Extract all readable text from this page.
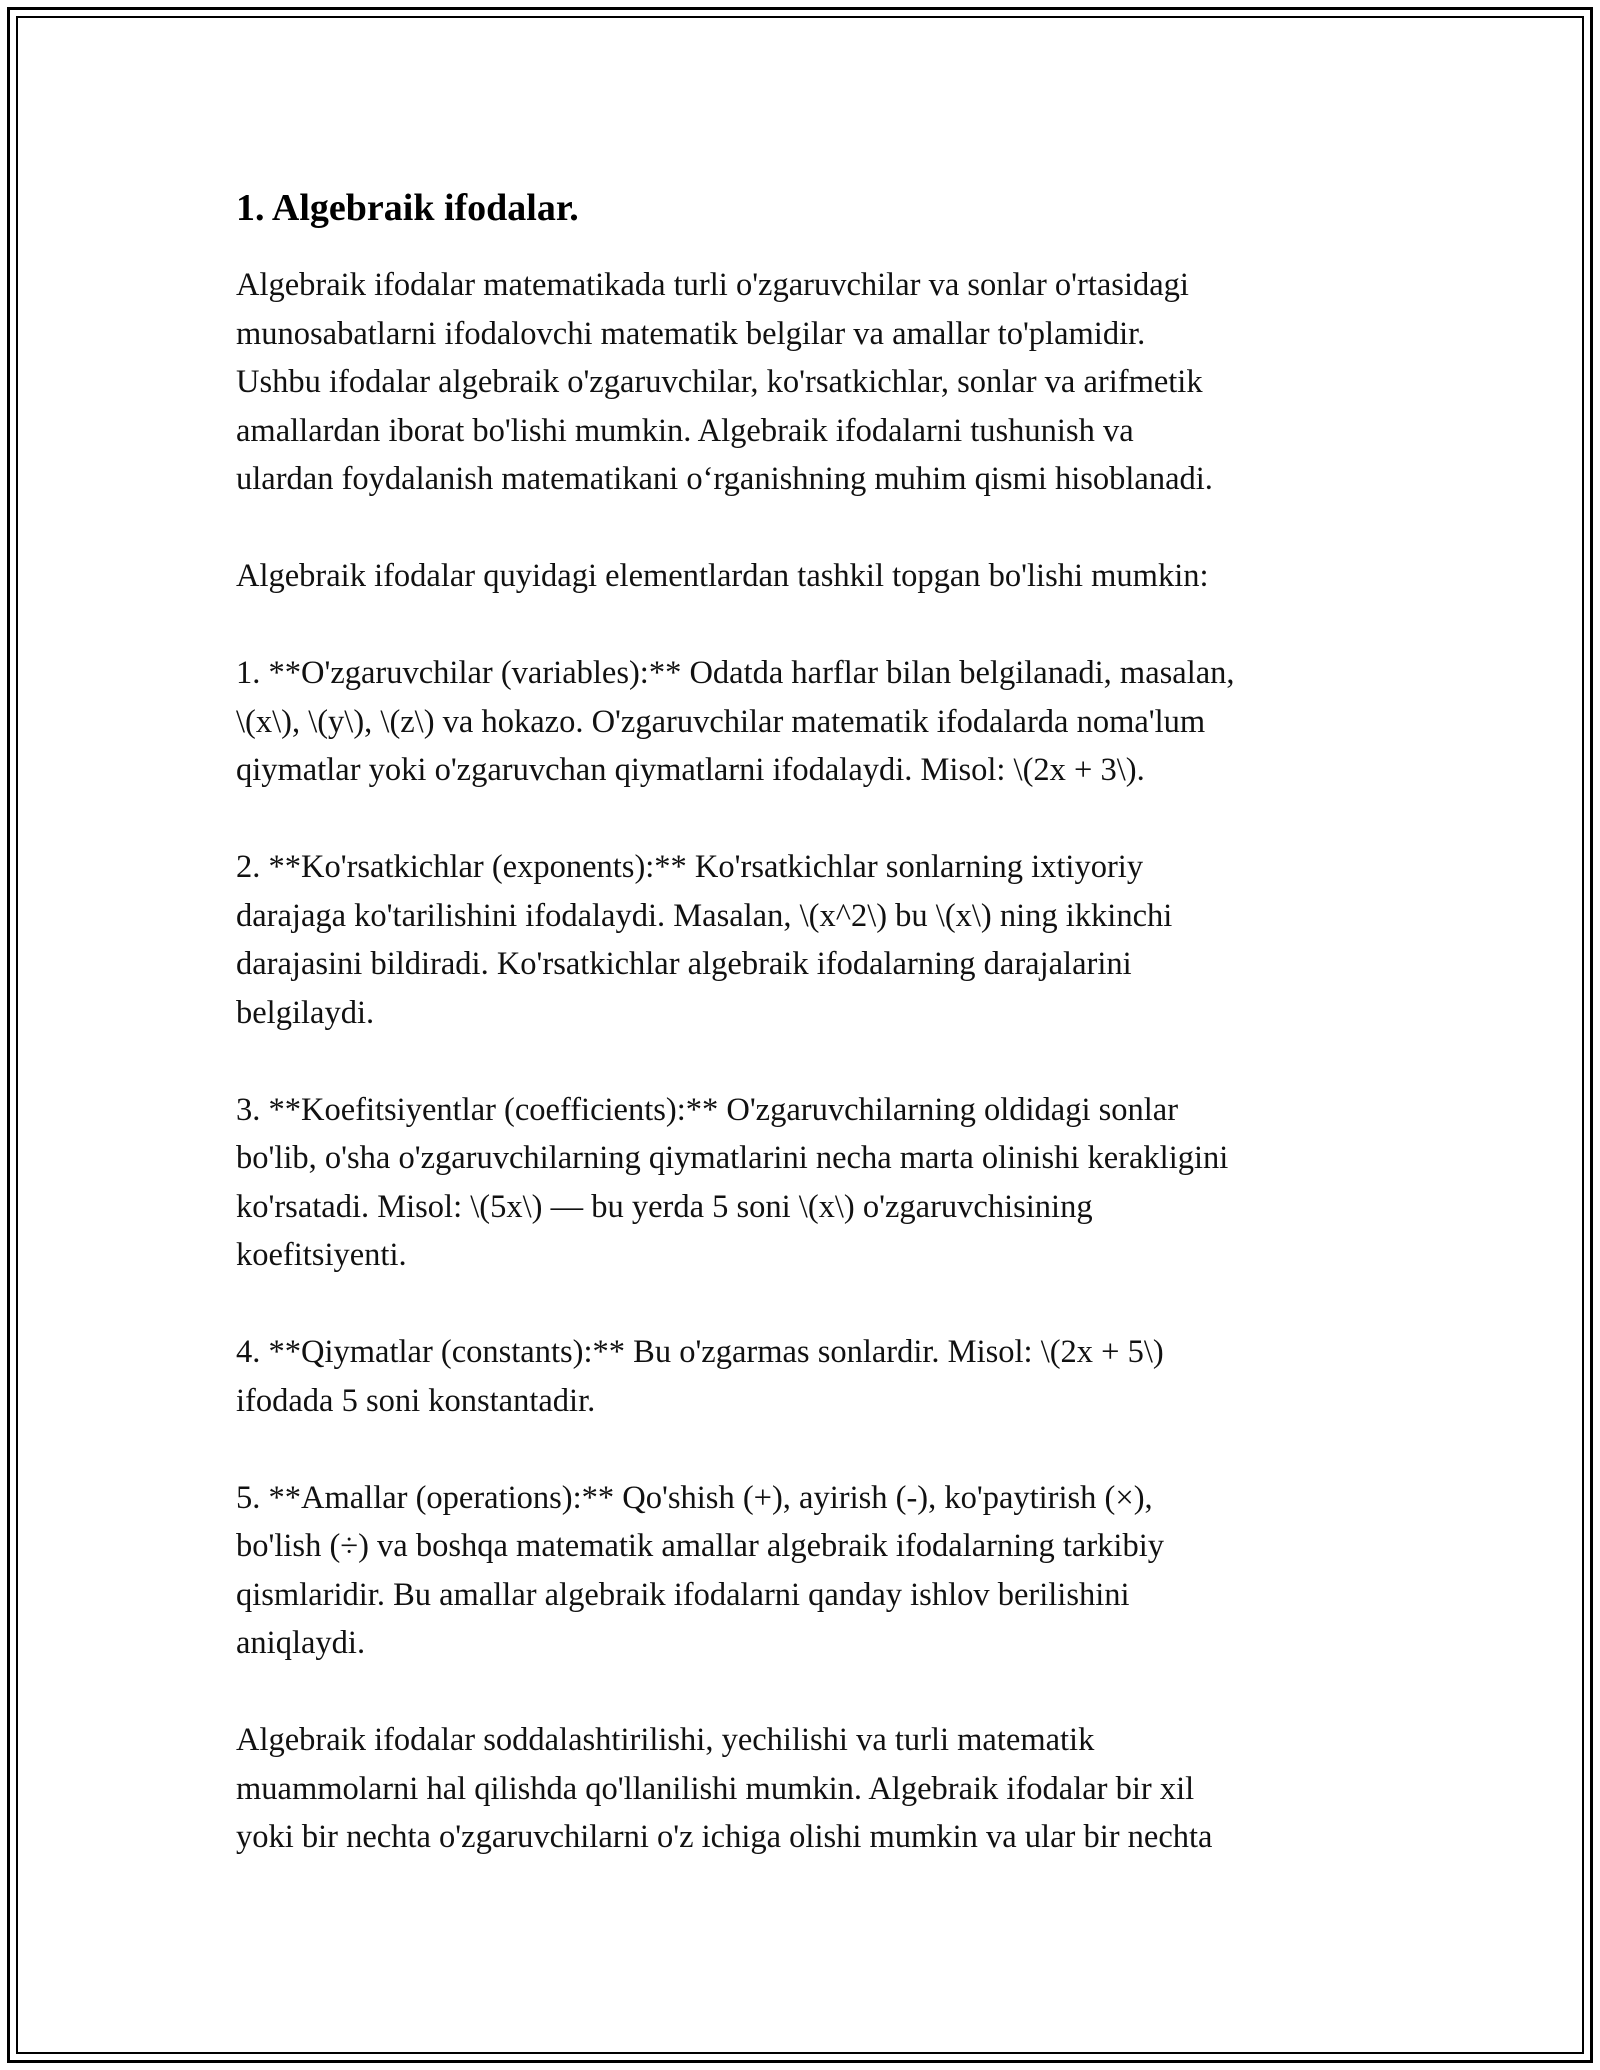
1. Algebraik ifodalar.

Algebraik ifodalar matematikada turli o'zgaruvchilar va sonlar o'rtasidagi
munosabatlarni ifodalovchi matematik belgilar va amallar to'plamidir.
Ushbu ifodalar algebraik o'zgaruvchilar, ko'rsatkichlar, sonlar va arifmetik
amallardan iborat bo'lishi mumkin. Algebraik ifodalarni tushunish va
ulardan foydalanish matematikani o‘rganishning muhim qismi hisoblanadi.

Algebraik ifodalar quyidagi elementlardan tashkil topgan bo'lishi mumkin:

1. **O'zgaruvchilar (variables):** Odatda harflar bilan belgilanadi, masalan,
\(x\), \(y\), \(z\) va hokazo. O'zgaruvchilar matematik ifodalarda noma'lum
qiymatlar yoki o'zgaruvchan qiymatlarni ifodalaydi. Misol: \(2x + 3\).

2. **Ko'rsatkichlar (exponents):** Ko'rsatkichlar sonlarning ixtiyoriy
darajaga ko'tarilishini ifodalaydi. Masalan, \(x^2\) bu \(x\) ning ikkinchi
darajasini bildiradi. Ko'rsatkichlar algebraik ifodalarning darajalarini
belgilaydi.

3. **Koefitsiyentlar (coefficients):** O'zgaruvchilarning oldidagi sonlar
bo'lib, o'sha o'zgaruvchilarning qiymatlarini necha marta olinishi kerakligini
ko'rsatadi. Misol: \(5x\) — bu yerda 5 soni \(x\) o'zgaruvchisining
koefitsiyenti.

4. **Qiymatlar (constants):** Bu o'zgarmas sonlardir. Misol: \(2x + 5\)
ifodada 5 soni konstantadir.

5. **Amallar (operations):** Qo'shish (+), ayirish (-), ko'paytirish (×),
bo'lish (÷) va boshqa matematik amallar algebraik ifodalarning tarkibiy
qismlaridir. Bu amallar algebraik ifodalarni qanday ishlov berilishini
aniqlaydi.

Algebraik ifodalar soddalashtirilishi, yechilishi va turli matematik
muammolarni hal qilishda qo'llanilishi mumkin. Algebraik ifodalar bir xil
yoki bir nechta o'zgaruvchilarni o'z ichiga olishi mumkin va ular bir nechta
